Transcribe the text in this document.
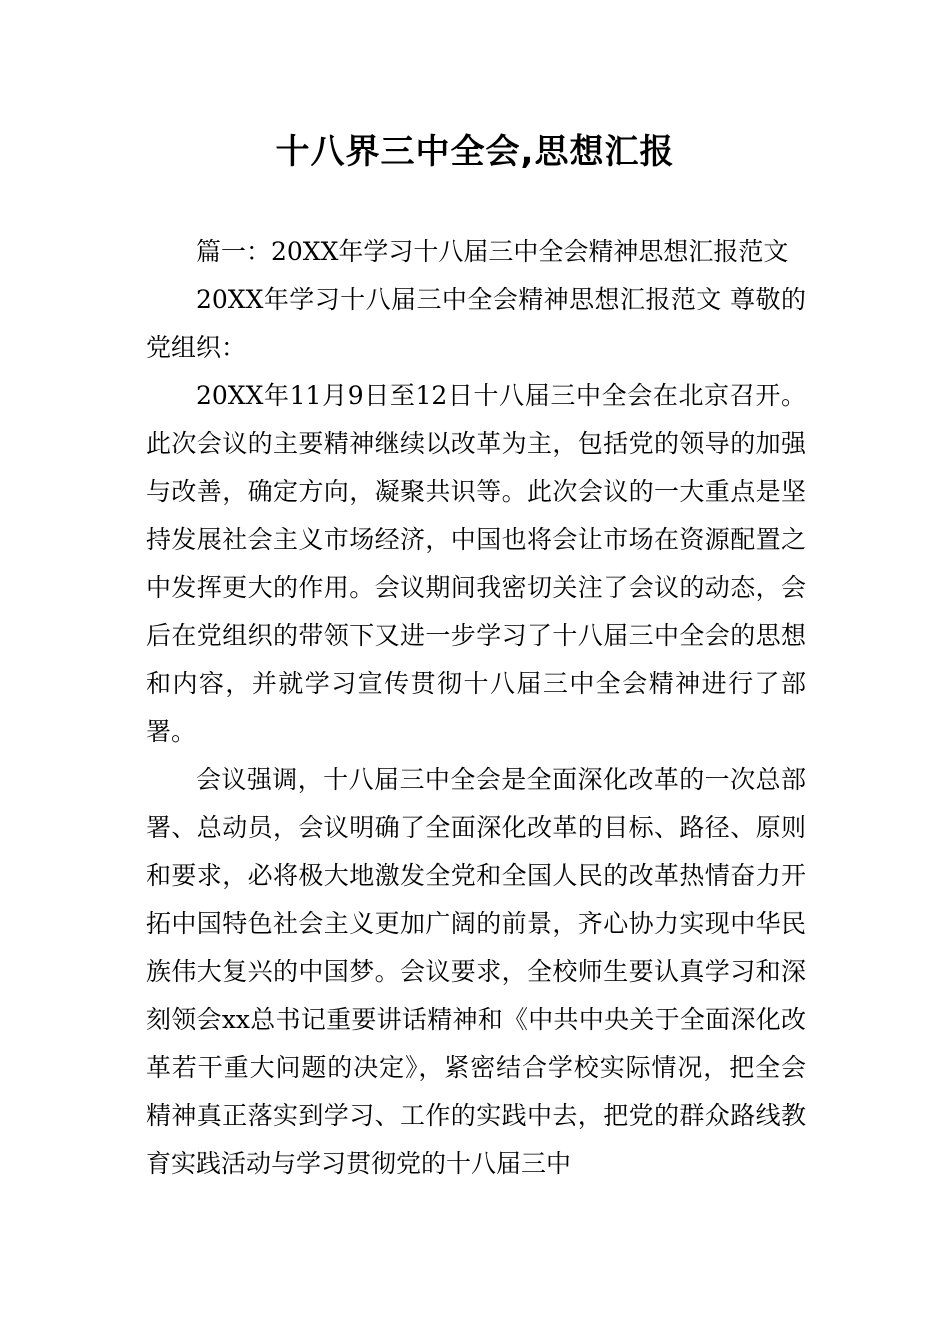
十八界三中全会,思想汇报

篇一：20XX年学习十八届三中全会精神思想汇报范文

20XX年学习十八届三中全会精神思想汇报范文 尊敬的党组织：

20XX年11月9日至12日十八届三中全会在北京召开。此次会议的主要精神继续以改革为主，包括党的领导的加强与改善，确定方向，凝聚共识等。此次会议的一大重点是坚持发展社会主义市场经济，中国也将会让市场在资源配置之中发挥更大的作用。会议期间我密切关注了会议的动态，会后在党组织的带领下又进一步学习了十八届三中全会的思想和内容，并就学习宣传贯彻十八届三中全会精神进行了部署。

会议强调，十八届三中全会是全面深化改革的一次总部署、总动员，会议明确了全面深化改革的目标、路径、原则和要求，必将极大地激发全党和全国人民的改革热情奋力开拓中国特色社会主义更加广阔的前景，齐心协力实现中华民族伟大复兴的中国梦。会议要求，全校师生要认真学习和深刻领会xx总书记重要讲话精神和《中共中央关于全面深化改革若干重大问题的决定》，紧密结合学校实际情况，把全会精神真正落实到学习、工作的实践中去，把党的群众路线教育实践活动与学习贯彻党的十八届三中
